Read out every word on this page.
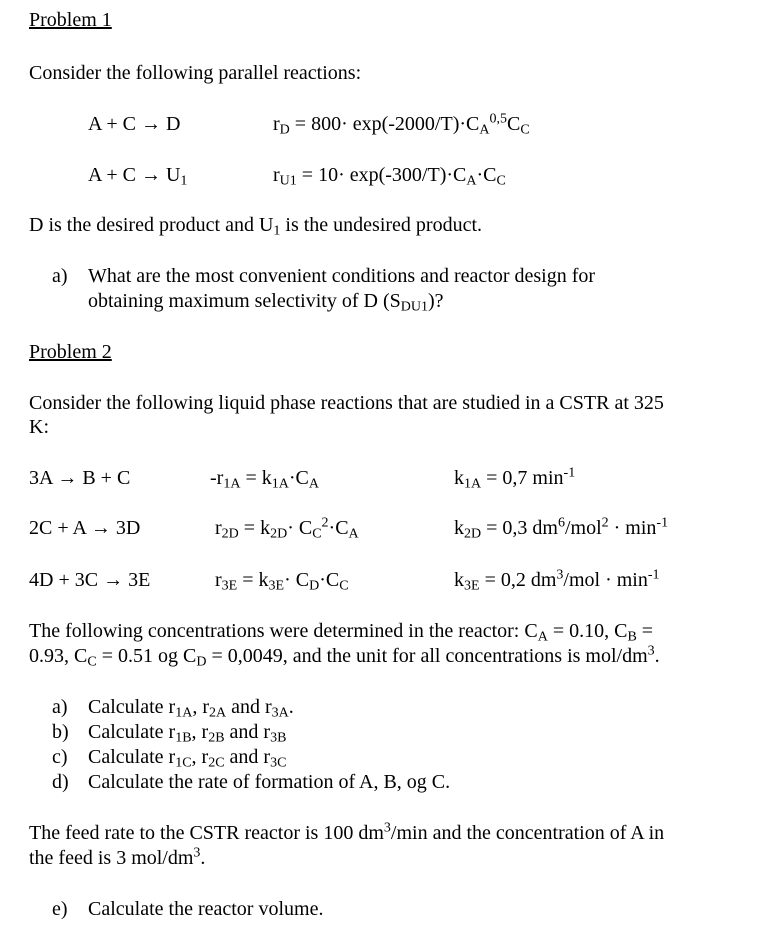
Problem 1
Consider the following parallel reactions:
A + C → D	$r_D = 800\cdot \exp(-2000/T)\cdot C_A^{0,5}C_C$
$A + C \to U_1$	$r_{U1} = 10\cdot \exp(-300/T)\cdot C_A\cdot C_C$
D is the desired product and $U_1$ is the undesired product.
a) What are the most convenient conditions and reactor design for
obtaining maximum selectivity of D $(S_{DU1})$?
Problem 2
Consider the following liquid phase reactions that are studied in a CSTR at 325
K:
3A → B + C	$-r_{1A} = k_{1A}\cdot C_A$	$k_{1A} = 0,7$ $\min^{-1}$
2C + A → 3D	$r_{2D} = k_{2D}\cdot C_C^2\cdot C_A$	$k_{2D} = 0,3$ $dm^6/mol^2 \cdot \min^{-1}$
4D + 3C → 3E	$r_{3E} = k_{3E}\cdot C_D\cdot C_C$	$k_{3E} = 0,2$ $dm^3$/mol · $\min^{-1}$
The following concentrations were determined in the reactor: $C_A = 0.10$, $C_B$ =
0.93, $C_C = 0.51$ og $C_D = 0,0049$, and the unit for all concentrations is mol/$dm^3$.
a) Calculate $r_{1A}$, $r_{2A}$ and $r_{3A}$.
b) Calculate $r_{1B}$, $r_{2B}$ and $r_{3B}$
c) Calculate $r_{1C}$, $r_{2C}$ and $r_{3C}$
d) Calculate the rate of formation of A, B, og C.
The feed rate to the CSTR reactor is 100 $dm^3/\min$ and the concentration of A in
the feed is 3 mol/$dm^3$.
e) Calculate the reactor volume.
